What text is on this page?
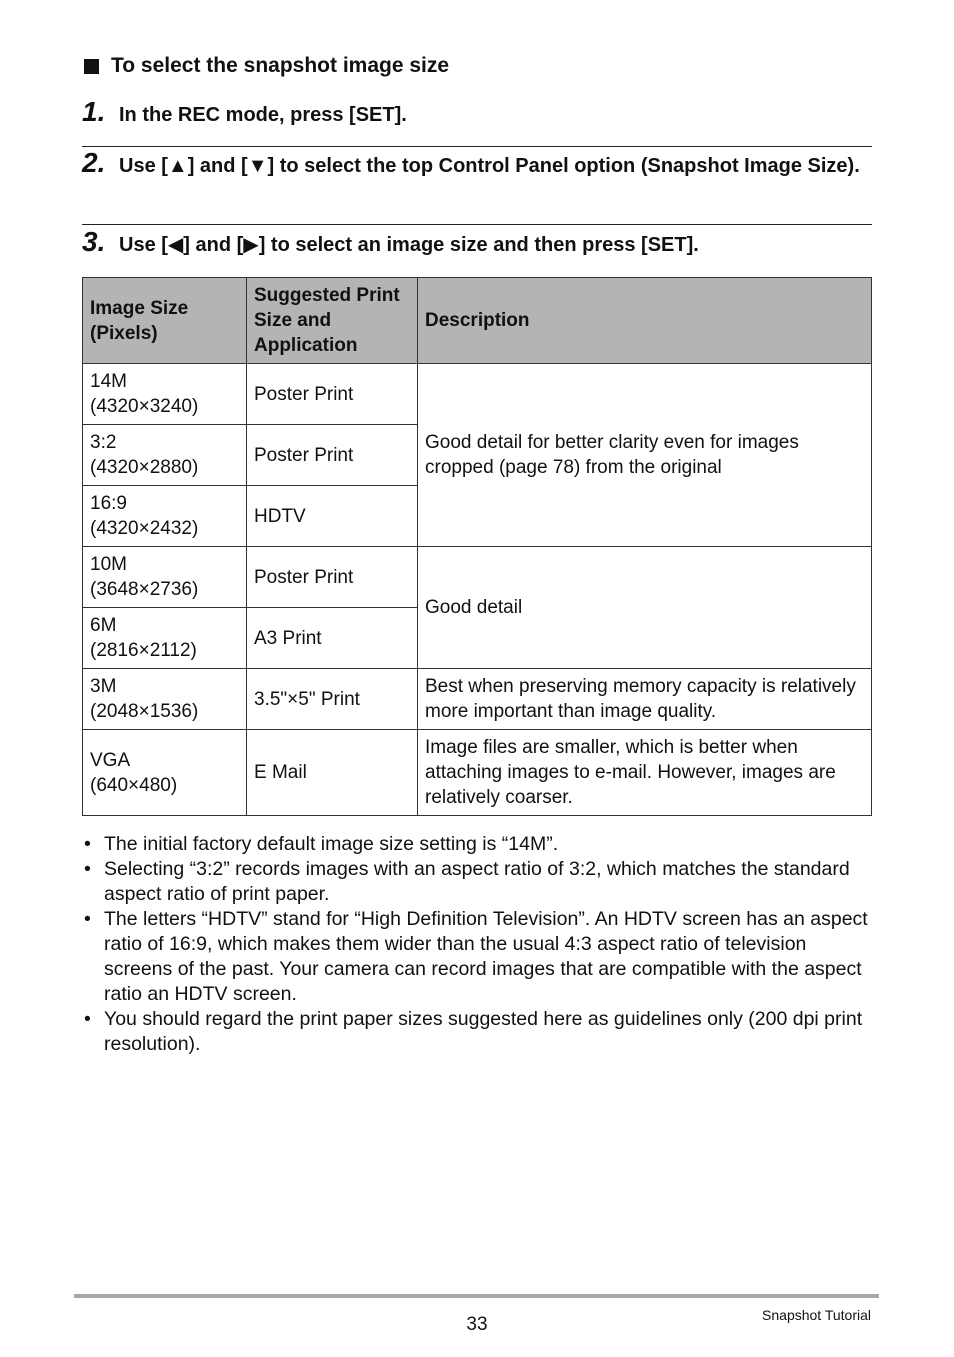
To select the snapshot image size
1. In the REC mode, press [SET].
2. Use [▲] and [▼] to select the top Control Panel option (Snapshot Image Size).
3. Use [◀] and [▶] to select an image size and then press [SET].
Image Size (Pixels)	Suggested Print Size and Application	Description
14M
(4320×3240)	Poster Print	Good detail for better clarity even for images cropped (page 78) from the original
3:2
(4320×2880)	Poster Print	
16:9
(4320×2432)	HDTV	
10M
(3648×2736)	Poster Print	Good detail
6M
(2816×2112)	A3 Print	
3M
(2048×1536)	3.5"×5" Print	Best when preserving memory capacity is relatively more important than image quality.
VGA
(640×480)	E Mail	Image files are smaller, which is better when attaching images to e-mail. However, images are relatively coarser.
• The initial factory default image size setting is “14M”.
• Selecting “3:2” records images with an aspect ratio of 3:2, which matches the standard aspect ratio of print paper.
• The letters “HDTV” stand for “High Definition Television”. An HDTV screen has an aspect ratio of 16:9, which makes them wider than the usual 4:3 aspect ratio of television screens of the past. Your camera can record images that are compatible with the aspect ratio an HDTV screen.
• You should regard the print paper sizes suggested here as guidelines only (200 dpi print resolution).
33	Snapshot Tutorial
